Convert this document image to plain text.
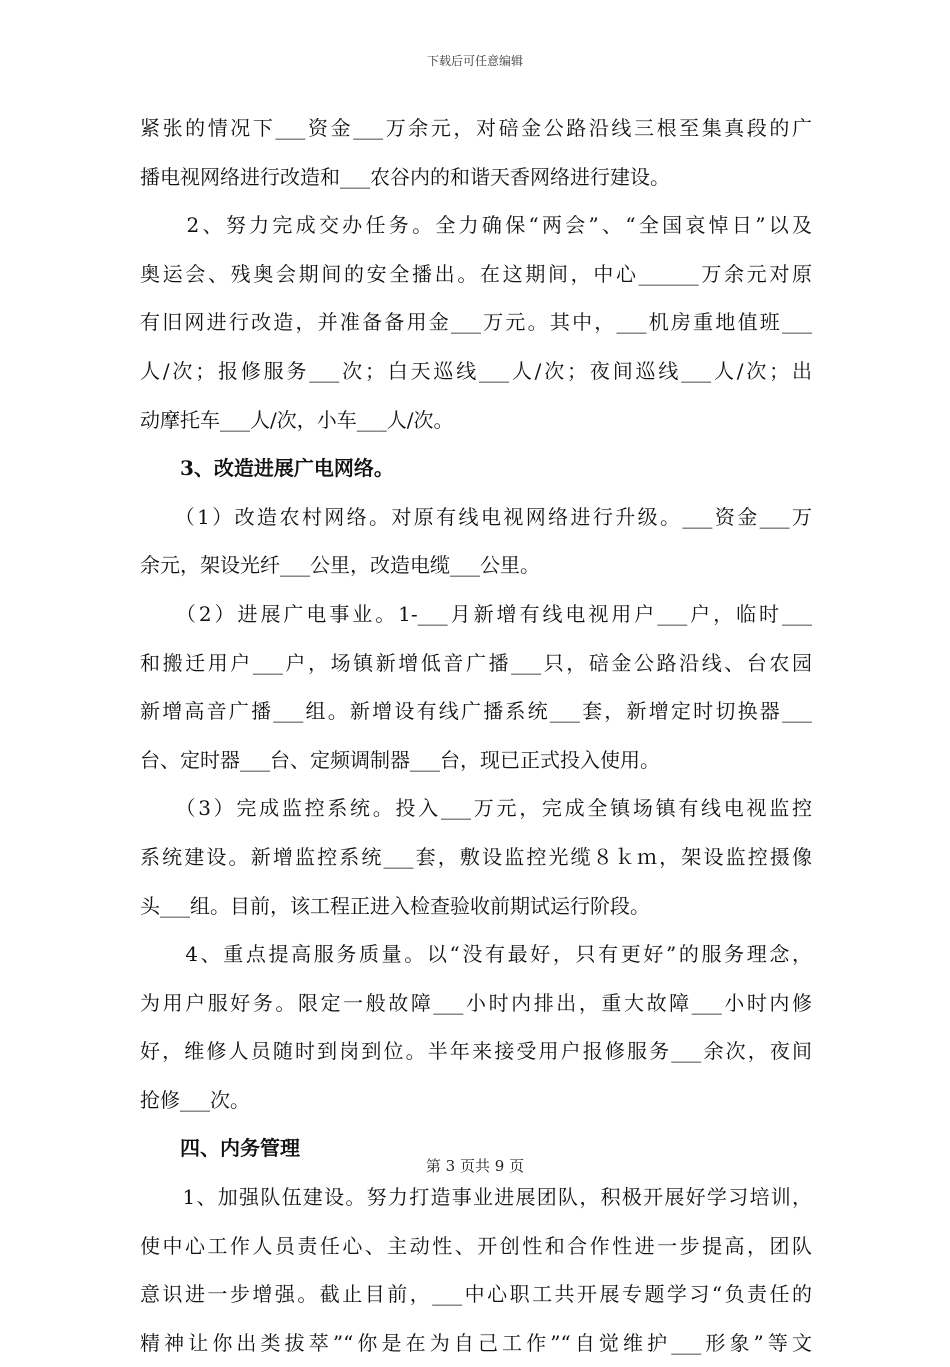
下载后可任意编辑
紧张的情况下___资金___万余元，对碚金公路沿线三根至集真段的广
播电视网络进行改造和___农谷内的和谐天香网络进行建设。
　　2、努力完成交办任务。全力确保“两会”、“全国哀悼日”以及
奥运会、残奥会期间的安全播出。在这期间，中心______万余元对原
有旧网进行改造，并准备备用金___万元。其中，___机房重地值班___
人/次；报修服务___次；白天巡线___人/次；夜间巡线___人/次；出
动摩托车___人/次，小车___人/次。
　　3、改造进展广电网络。
　　（1）改造农村网络。对原有线电视网络进行升级。___资金___万
余元，架设光纤___公里，改造电缆___公里。
　　（2）进展广电事业。1-___月新增有线电视用户___户，临时___
和搬迁用户___户，场镇新增低音广播___只，碚金公路沿线、台农园
新增高音广播___组。新增设有线广播系统___套，新增定时切换器___
台、定时器___台、定频调制器___台，现已正式投入使用。
　　（3）完成监控系统。投入___万元，完成全镇场镇有线电视监控
系统建设。新增监控系统___套，敷设监控光缆８ｋｍ，架设监控摄像
头___组。目前，该工程正进入检查验收前期试运行阶段。
　　4、重点提高服务质量。以“没有最好，只有更好”的服务理念，
为用户服好务。限定一般故障___小时内排出，重大故障___小时内修
好，维修人员随时到岗到位。半年来接受用户报修服务___余次，夜间
抢修___次。
　　四、内务管理
　　1、加强队伍建设。努力打造事业进展团队，积极开展好学习培训，
使中心工作人员责任心、主动性、开创性和合作性进一步提高，团队
意识进一步增强。截止目前，___中心职工共开展专题学习“负责任的
精神让你出类拔萃”“你是在为自己工作”“自觉维护___形象”等文
第 3 页共 9 页
